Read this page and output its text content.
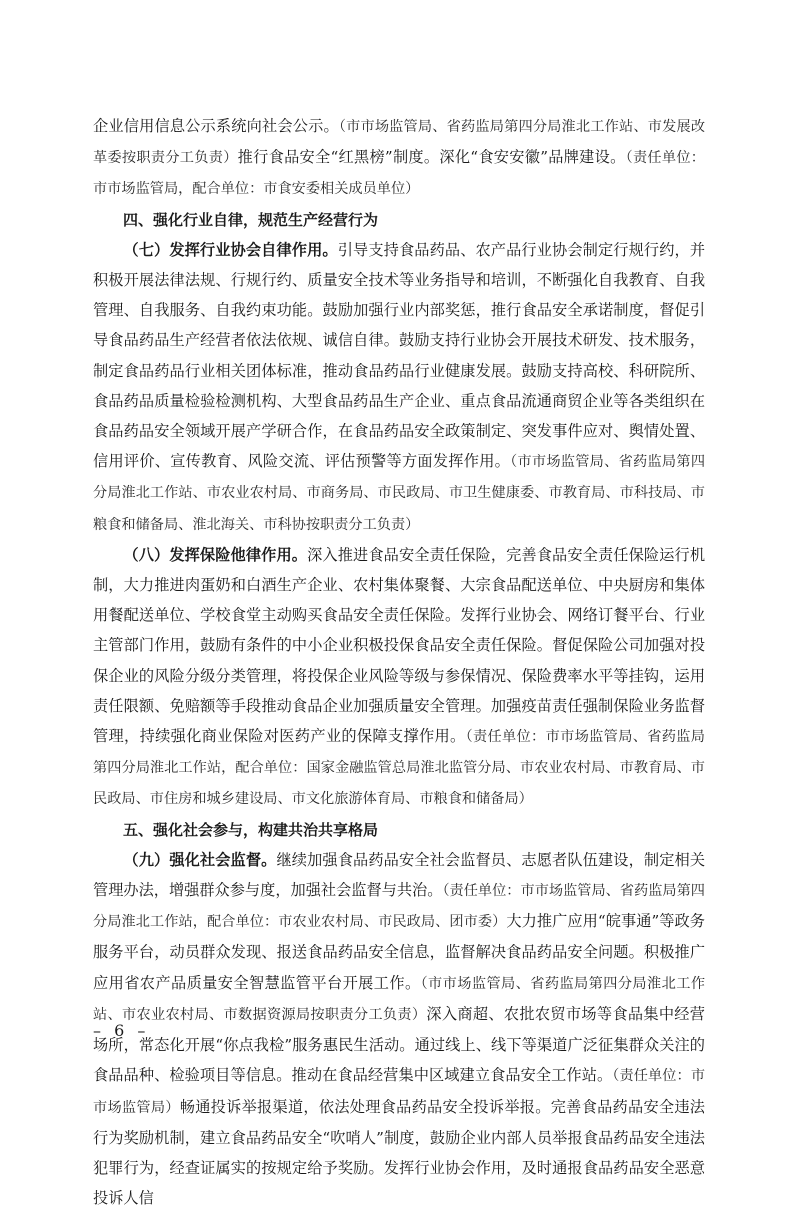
企业信用信息公示系统向社会公示。（市市场监管局、省药监局第四分局淮北工作站、市发展改革委按职责分工负责）推行食品安全“红黑榜”制度。深化“食安安徽”品牌建设。（责任单位：市市场监管局，配合单位：市食安委相关成员单位）

四、强化行业自律，规范生产经营行为

（七）发挥行业协会自律作用。引导支持食品药品、农产品行业协会制定行规行约，并积极开展法律法规、行规行约、质量安全技术等业务指导和培训，不断强化自我教育、自我管理、自我服务、自我约束功能。鼓励加强行业内部奖惩，推行食品安全承诺制度，督促引导食品药品生产经营者依法依规、诚信自律。鼓励支持行业协会开展技术研发、技术服务，制定食品药品行业相关团体标准，推动食品药品行业健康发展。鼓励支持高校、科研院所、食品药品质量检验检测机构、大型食品药品生产企业、重点食品流通商贸企业等各类组织在食品药品安全领域开展产学研合作，在食品药品安全政策制定、突发事件应对、舆情处置、信用评价、宣传教育、风险交流、评估预警等方面发挥作用。（市市场监管局、省药监局第四分局淮北工作站、市农业农村局、市商务局、市民政局、市卫生健康委、市教育局、市科技局、市粮食和储备局、淮北海关、市科协按职责分工负责）

（八）发挥保险他律作用。深入推进食品安全责任保险，完善食品安全责任保险运行机制，大力推进肉蛋奶和白酒生产企业、农村集体聚餐、大宗食品配送单位、中央厨房和集体用餐配送单位、学校食堂主动购买食品安全责任保险。发挥行业协会、网络订餐平台、行业主管部门作用，鼓励有条件的中小企业积极投保食品安全责任保险。督促保险公司加强对投保企业的风险分级分类管理，将投保企业风险等级与参保情况、保险费率水平等挂钩，运用责任限额、免赔额等手段推动食品企业加强质量安全管理。加强疫苗责任强制保险业务监督管理，持续强化商业保险对医药产业的保障支撑作用。（责任单位：市市场监管局、省药监局第四分局淮北工作站，配合单位：国家金融监管总局淮北监管分局、市农业农村局、市教育局、市民政局、市住房和城乡建设局、市文化旅游体育局、市粮食和储备局）

五、强化社会参与，构建共治共享格局

（九）强化社会监督。继续加强食品药品安全社会监督员、志愿者队伍建设，制定相关管理办法，增强群众参与度，加强社会监督与共治。（责任单位：市市场监管局、省药监局第四分局淮北工作站，配合单位：市农业农村局、市民政局、团市委）大力推广应用“皖事通”等政务服务平台，动员群众发现、报送食品药品安全信息，监督解决食品药品安全问题。积极推广应用省农产品质量安全智慧监管平台开展工作。（市市场监管局、省药监局第四分局淮北工作站、市农业农村局、市数据资源局按职责分工负责）深入商超、农批农贸市场等食品集中经营场所，常态化开展“你点我检”服务惠民生活动。通过线上、线下等渠道广泛征集群众关注的食品品种、检验项目等信息。推动在食品经营集中区域建立食品安全工作站。（责任单位：市市场监管局）畅通投诉举报渠道，依法处理食品药品安全投诉举报。完善食品药品安全违法行为奖励机制，建立食品药品安全“吹哨人”制度，鼓励企业内部人员举报食品药品安全违法犯罪行为，经查证属实的按规定给予奖励。发挥行业协会作用，及时通报食品药品安全恶意投诉人信

– 6 –
